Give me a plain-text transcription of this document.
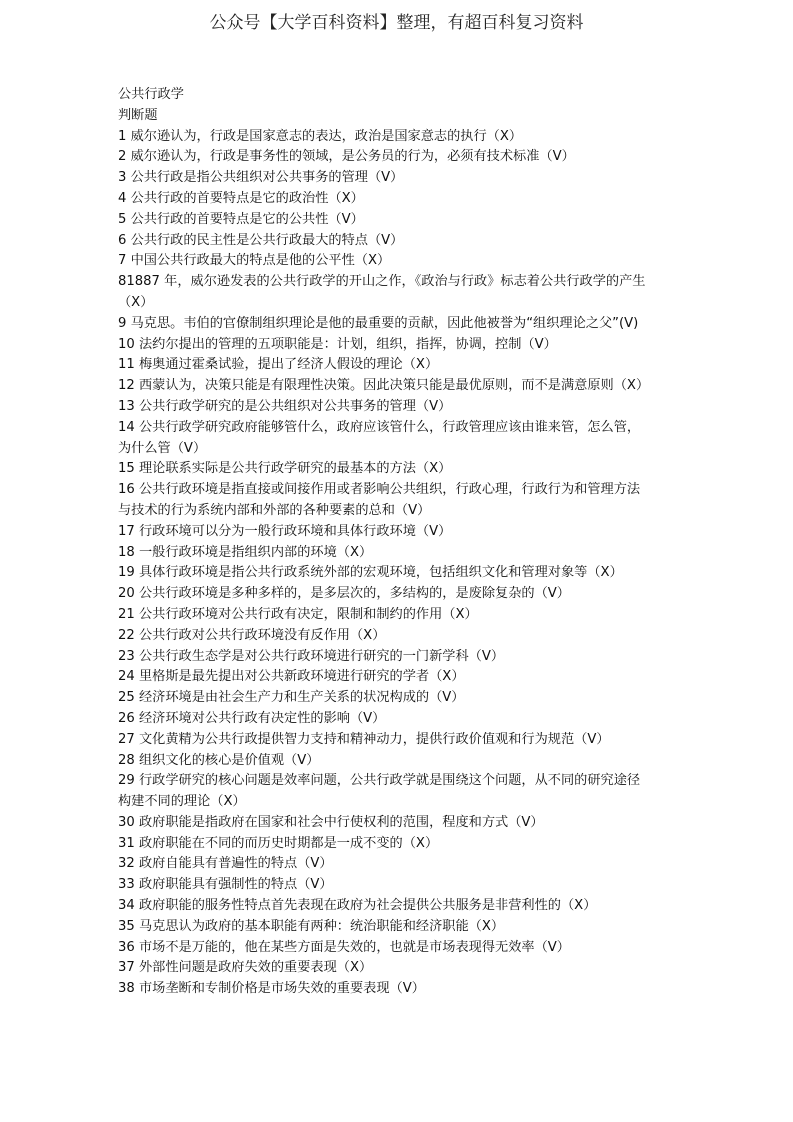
公众号【大学百科资料】整理，有超百科复习资料
公共行政学
判断题
1 威尔逊认为，行政是国家意志的表达，政治是国家意志的执行（X）
2 威尔逊认为，行政是事务性的领域，是公务员的行为，必须有技术标准（V）
3 公共行政是指公共组织对公共事务的管理（V）
4 公共行政的首要特点是它的政治性（X）
5 公共行政的首要特点是它的公共性（V）
6 公共行政的民主性是公共行政最大的特点（V）
7 中国公共行政最大的特点是他的公平性（X）
81887 年，威尔逊发表的公共行政学的开山之作，《政治与行政》标志着公共行政学的产生
（X）
9 马克思。韦伯的官僚制组织理论是他的最重要的贡献，因此他被誉为“组织理论之父”(V)
10 法约尔提出的管理的五项职能是：计划，组织，指挥，协调，控制（V）
11 梅奥通过霍桑试验，提出了经济人假设的理论（X）
12 西蒙认为，决策只能是有限理性决策。因此决策只能是最优原则，而不是满意原则（X）
13 公共行政学研究的是公共组织对公共事务的管理（V）
14 公共行政学研究政府能够管什么，政府应该管什么，行政管理应该由谁来管，怎么管，
为什么管（V）
15 理论联系实际是公共行政学研究的最基本的方法（X）
16 公共行政环境是指直接或间接作用或者影响公共组织，行政心理，行政行为和管理方法
与技术的行为系统内部和外部的各种要素的总和（V）
17 行政环境可以分为一般行政环境和具体行政环境（V）
18 一般行政环境是指组织内部的环境（X）
19 具体行政环境是指公共行政系统外部的宏观环境，包括组织文化和管理对象等（X）
20 公共行政环境是多种多样的，是多层次的，多结构的，是废除复杂的（V）
21 公共行政环境对公共行政有决定，限制和制约的作用（X）
22 公共行政对公共行政环境没有反作用（X）
23 公共行政生态学是对公共行政环境进行研究的一门新学科（V）
24 里格斯是最先提出对公共新政环境进行研究的学者（X）
25 经济环境是由社会生产力和生产关系的状况构成的（V）
26 经济环境对公共行政有决定性的影响（V）
27 文化黄精为公共行政提供智力支持和精神动力，提供行政价值观和行为规范（V）
28 组织文化的核心是价值观（V）
29 行政学研究的核心问题是效率问题，公共行政学就是围绕这个问题，从不同的研究途径
构建不同的理论（X）
30 政府职能是指政府在国家和社会中行使权利的范围，程度和方式（V）
31 政府职能在不同的而历史时期都是一成不变的（X）
32 政府自能具有普遍性的特点（V）
33 政府职能具有强制性的特点（V）
34 政府职能的服务性特点首先表现在政府为社会提供公共服务是非营利性的（X）
35 马克思认为政府的基本职能有两种：统治职能和经济职能（X）
36 市场不是万能的，他在某些方面是失效的，也就是市场表现得无效率（V）
37 外部性问题是政府失效的重要表现（X）
38 市场垄断和专制价格是市场失效的重要表现（V）
